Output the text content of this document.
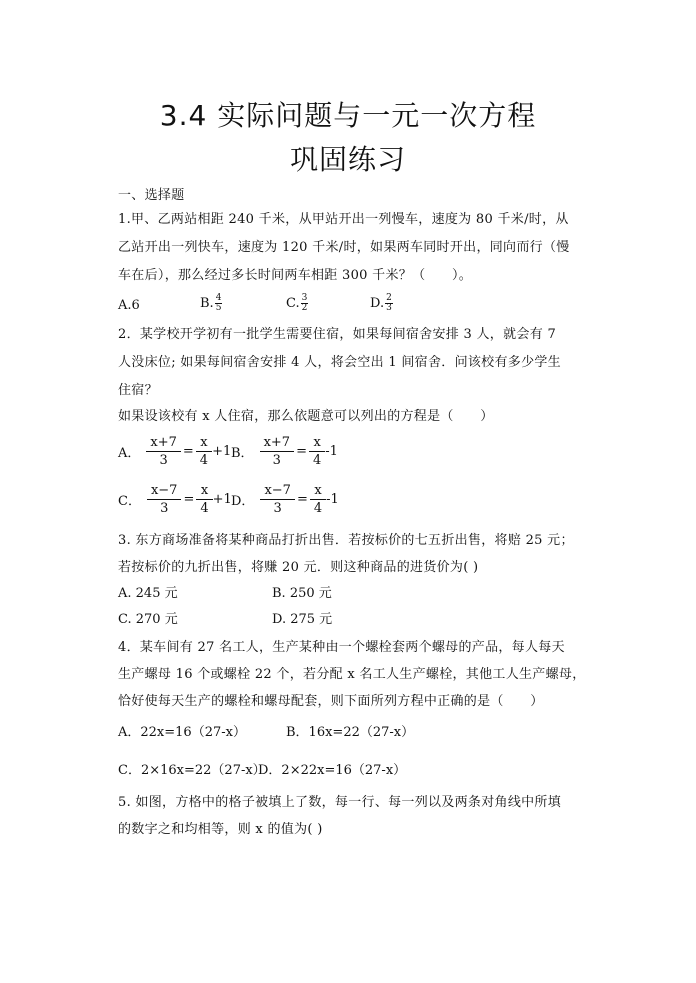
3.4 实际问题与一元一次方程
巩固练习
一、选择题
1.甲、乙两站相距 240 千米，从甲站开出一列慢车，速度为 80 千米/时，从
乙站开出一列快车，速度为 120 千米/时，如果两车同时开出，同向而行（慢
车在后），那么经过多长时间两车相距 300 千米？（　　）。
A.6	B. $\frac{4}{5}$	C. $\frac{3}{2}$	D. $\frac{2}{3}$
2．某学校开学初有一批学生需要住宿，如果每间宿舍安排 3 人，就会有 7
人没床位; 如果每间宿舍安排 4 人，将会空出 1 间宿舍．问该校有多少学生
住宿？
如果设该校有 x 人住宿，那么依题意可以列出的方程是（　　）
A． $\frac{x+7}{3} = \frac{x}{4} +1$ B． $\frac{x+7}{3} = \frac{x}{4} -1$
C． $\frac{x-7}{3} = \frac{x}{4} +1$ D． $\frac{x-7}{3} = \frac{x}{4} -1$
3. 东方商场准备将某种商品打折出售．若按标价的七五折出售，将赔 25 元；
若按标价的九折出售，将赚 20 元．则这种商品的进货价为( )
A. 245 元	B. 250 元
C. 270 元	D. 275 元
4．某车间有 27 名工人，生产某种由一个螺栓套两个螺母的产品，每人每天
生产螺母 16 个或螺栓 22 个，若分配 x 名工人生产螺栓，其他工人生产螺母，
恰好使每天生产的螺栓和螺母配套，则下面所列方程中正确的是（　　）
A．22x=16（27-x）	B．16x=22（27-x）
C．2×16x=22（27-x）
D．2×22x=16（27-x）
5. 如图，方格中的格子被填上了数，每一行、每一列以及两条对角线中所填
的数字之和均相等，则 x 的值为( )
